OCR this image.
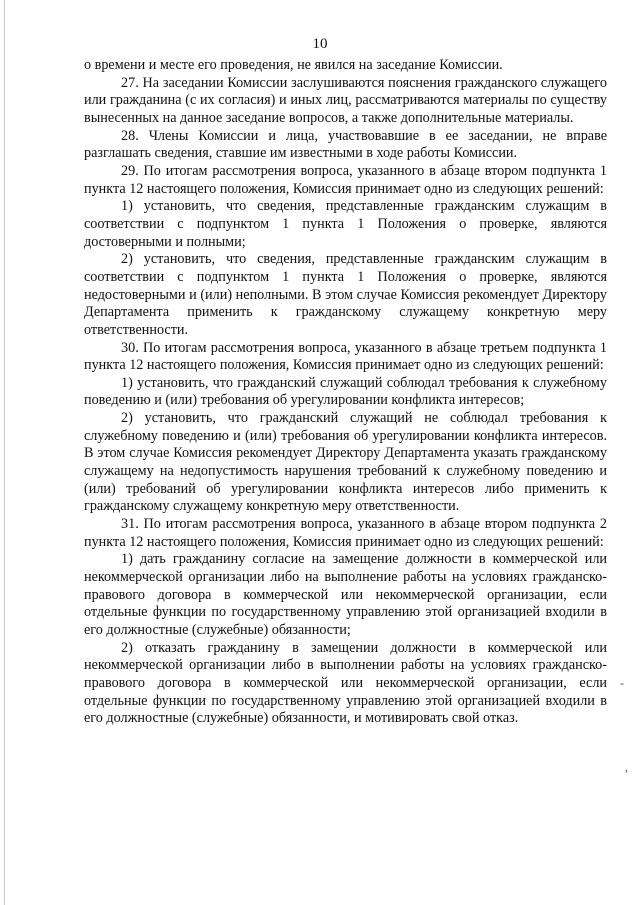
10

о времени и месте его проведения, не явился на заседание Комиссии.

27. На заседании Комиссии заслушиваются пояснения гражданского служащего или гражданина (с их согласия) и иных лиц, рассматриваются материалы по существу вынесенных на данное заседание вопросов, а также дополнительные материалы.

28. Члены Комиссии и лица, участвовавшие в ее заседании, не вправе разглашать сведения, ставшие им известными в ходе работы Комиссии.

29. По итогам рассмотрения вопроса, указанного в абзаце втором подпункта 1 пункта 12 настоящего положения, Комиссия принимает одно из следующих решений:

1) установить, что сведения, представленные гражданским служащим в соответствии с подпунктом 1 пункта 1 Положения о проверке, являются достоверными и полными;

2) установить, что сведения, представленные гражданским служащим в соответствии с подпунктом 1 пункта 1 Положения о проверке, являются недостоверными и (или) неполными. В этом случае Комиссия рекомендует Директору Департамента применить к гражданскому служащему конкретную меру ответственности.

30. По итогам рассмотрения вопроса, указанного в абзаце третьем подпункта 1 пункта 12 настоящего положения, Комиссия принимает одно из следующих решений:

1) установить, что гражданский служащий соблюдал требования к служебному поведению и (или) требования об урегулировании конфликта интересов;

2) установить, что гражданский служащий не соблюдал требования к служебному поведению и (или) требования об урегулировании конфликта интересов. В этом случае Комиссия рекомендует Директору Департамента указать гражданскому служащему на недопустимость нарушения требований к служебному поведению и (или) требований об урегулировании конфликта интересов либо применить к гражданскому служащему конкретную меру ответственности.

31. По итогам рассмотрения вопроса, указанного в абзаце втором подпункта 2 пункта 12 настоящего положения, Комиссия принимает одно из следующих решений:

1) дать гражданину согласие на замещение должности в коммерческой или некоммерческой организации либо на выполнение работы на условиях гражданско-правового договора в коммерческой или некоммерческой организации, если отдельные функции по государственному управлению этой организацией входили в его должностные (служебные) обязанности;

2) отказать гражданину в замещении должности в коммерческой или некоммерческой организации либо в выполнении работы на условиях гражданско-правового договора в коммерческой или некоммерческой организации, если отдельные функции по государственному управлению этой организацией входили в его должностные (служебные) обязанности, и мотивировать свой отказ.

-
,
